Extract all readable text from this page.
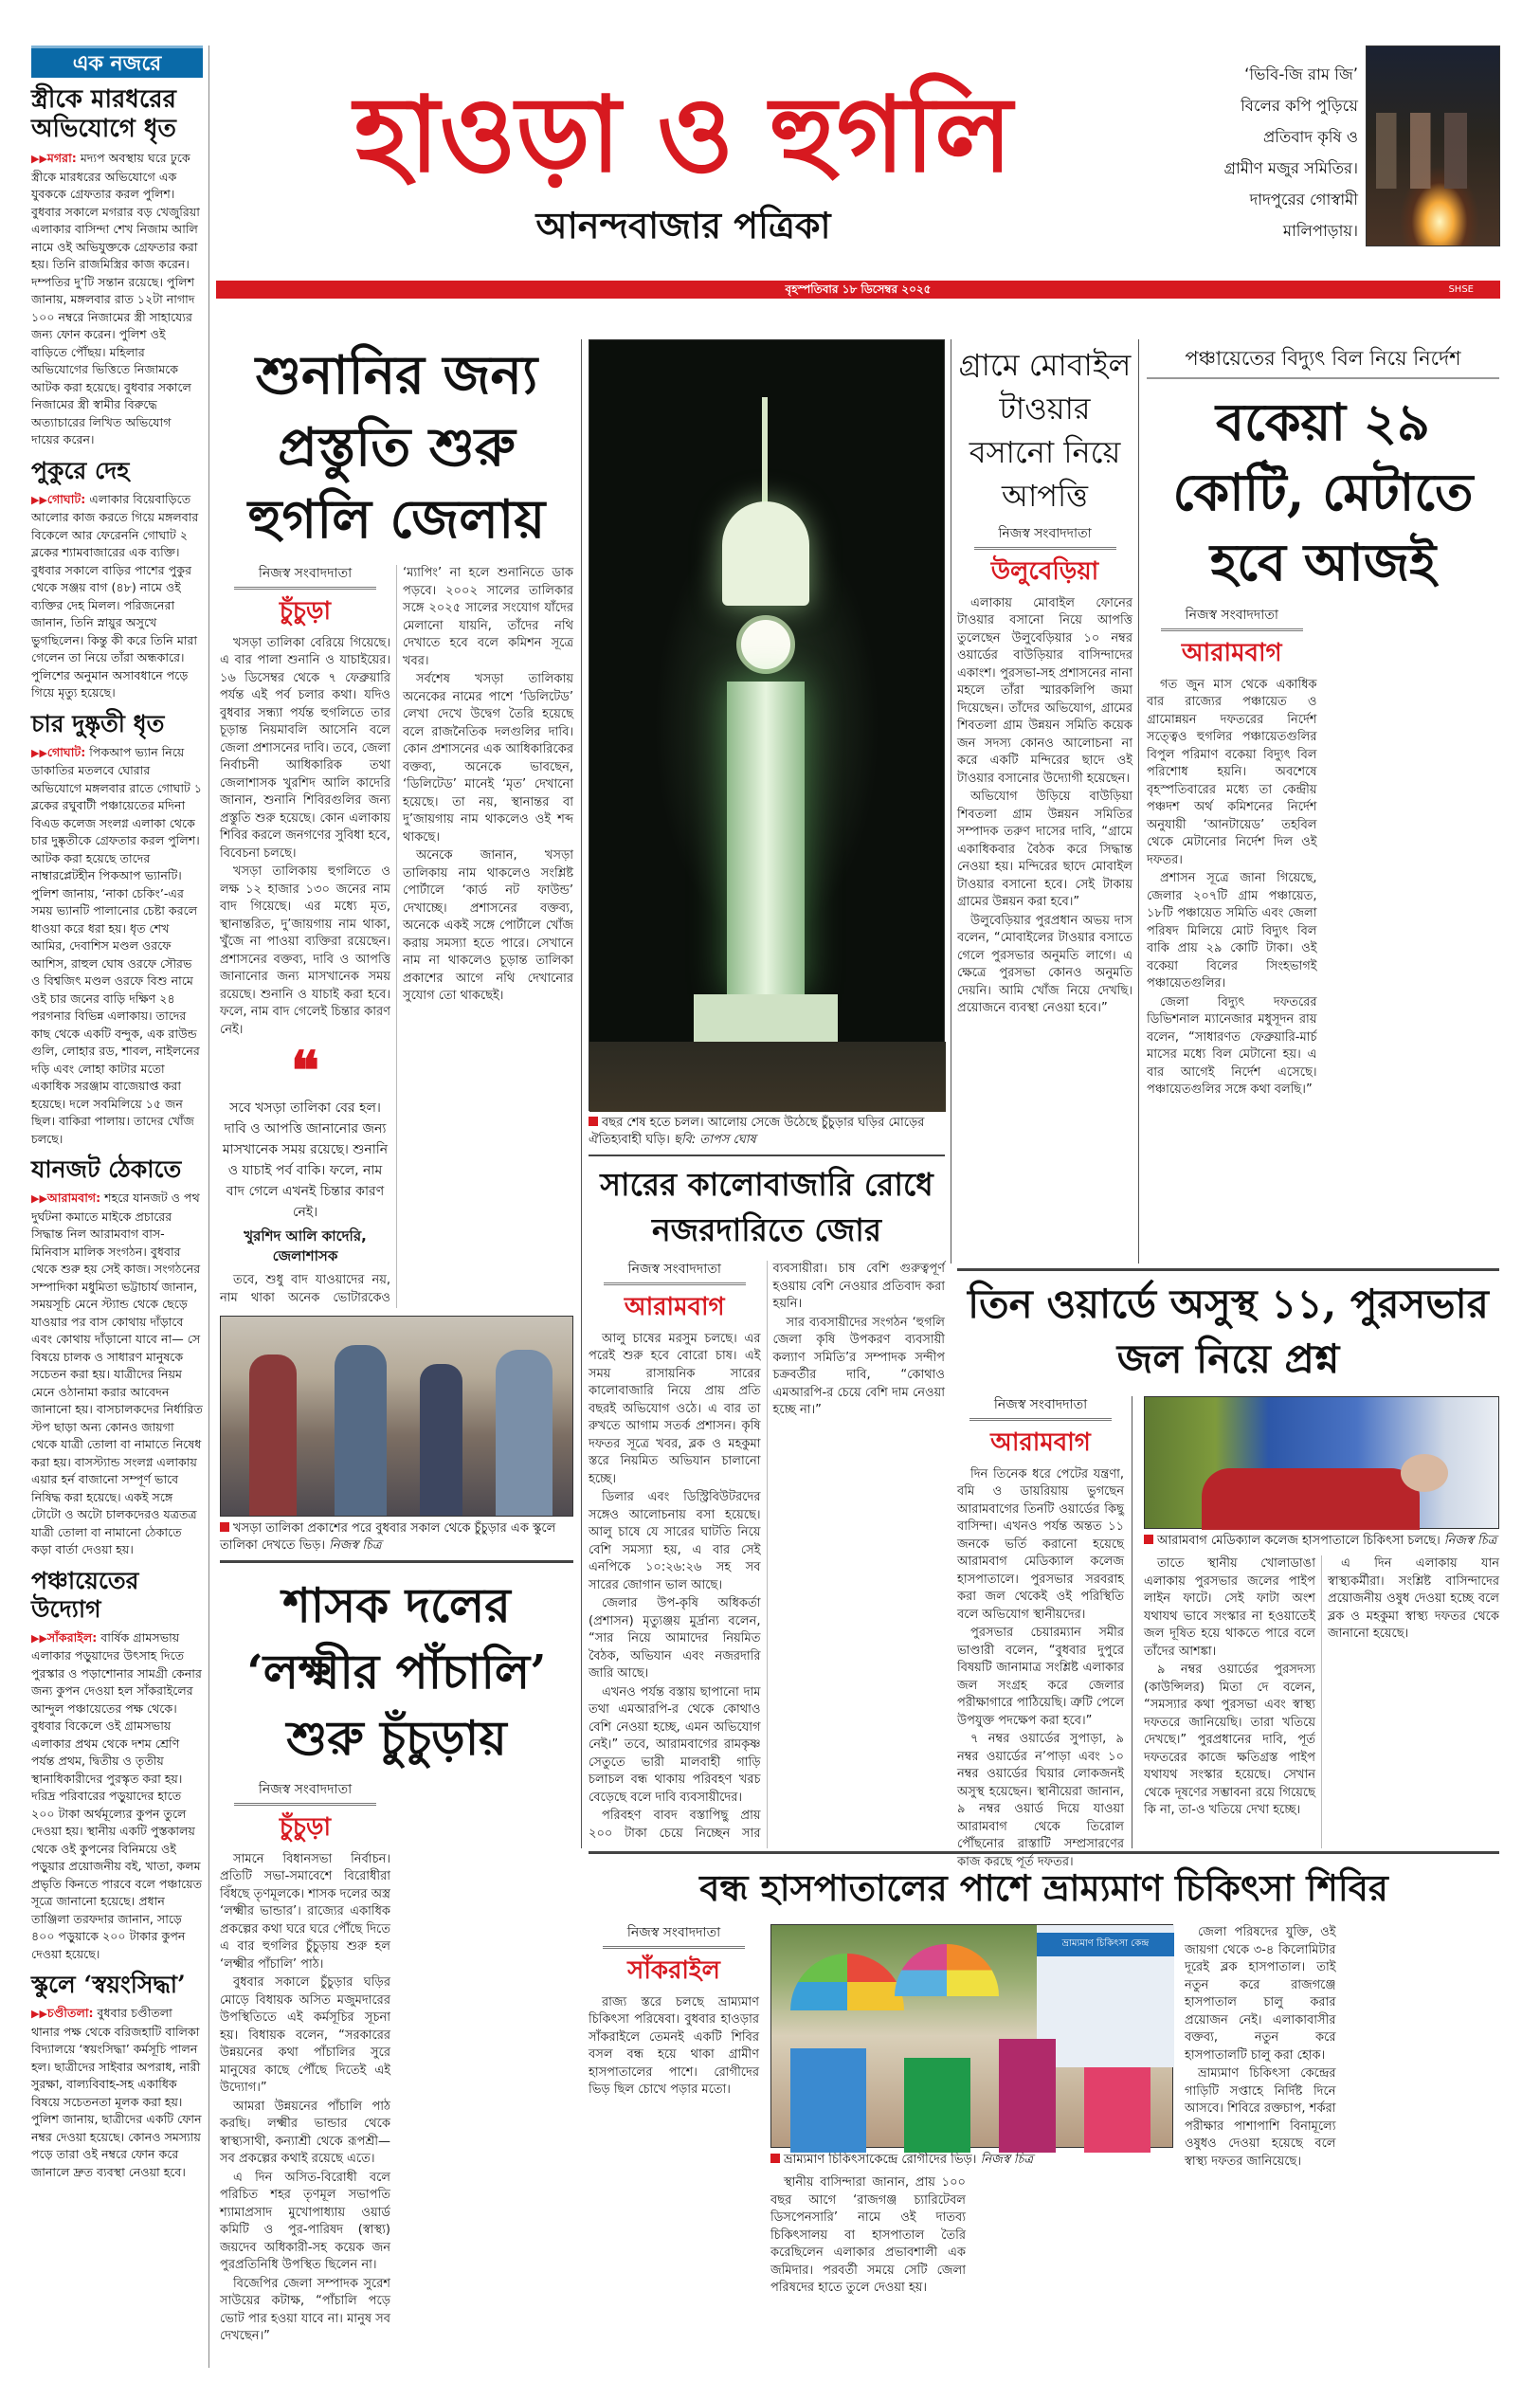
এক নজরে
স্ত্রীকে মারধরের অভিযোগে ধৃত
▶▶মগরা: মদ্যপ অবস্থায় ঘরে ঢুকে স্ত্রীকে মারধরের অভিযোগে এক যুবককে গ্রেফতার করল পুলিশ। বুধবার সকালে মগরার বড় খেজুরিয়া এলাকার বাসিন্দা শেখ নিজাম আলি নামে ওই অভিযুক্তকে গ্রেফতার করা হয়। তিনি রাজমিস্ত্রির কাজ করেন। দম্পতির দু’টি সন্তান রয়েছে। পুলিশ জানায়, মঙ্গলবার রাত ১২টা নাগাদ ১০০ নম্বরে নিজামের স্ত্রী সাহায্যের জন্য ফোন করেন। পুলিশ ওই বাড়িতে পৌঁছয়। মহিলার অভিযোগের ভিত্তিতে নিজামকে আটক করা হয়েছে। বুধবার সকালে নিজামের স্ত্রী স্বামীর বিরুদ্ধে অত্যাচারের লিখিত অভিযোগ দায়ের করেন।
পুকুরে দেহ
▶▶গোঘাট: এলাকার বিয়েবাড়িতে আলোর কাজ করতে গিয়ে মঙ্গলবার বিকেলে আর ফেরেননি গোঘাট ২ ব্লকের শ্যামবাজারের এক ব্যক্তি। বুধবার সকালে বাড়ির পাশের পুকুর থেকে সঞ্জয় বাগ (৪৮) নামে ওই ব্যক্তির দেহ মিলল। পরিজনেরা জানান, তিনি স্নায়ুর অসুখে ভুগছিলেন। কিন্তু কী করে তিনি মারা গেলেন তা নিয়ে তাঁরা অন্ধকারে। পুলিশের অনুমান অসাবধানে পড়ে গিয়ে মৃত্যু হয়েছে।
চার দুষ্কৃতী ধৃত
▶▶গোঘাট: পিকআপ ভ্যান নিয়ে ডাকাতির মতলবে ঘোরার অভিযোগে মঙ্গলবার রাতে গোঘাট ১ ব্লকের রঘুবাটী পঞ্চায়েতের মদিনা বিএড কলেজ সংলগ্ন এলাকা থেকে চার দুষ্কৃতীকে গ্রেফতার করল পুলিশ। আটক করা হয়েছে তাদের নাম্বারপ্লেটহীন পিকআপ ভ্যানটি। পুলিশ জানায়, ‘নাকা চেকিং’-এর সময় ভ্যানটি পালানোর চেষ্টা করলে ধাওয়া করে ধরা হয়। ধৃত শেখ আমির, দেবাশিস মণ্ডল ওরফে আশিস, রাহুল ঘোষ ওরফে সৌরভ ও বিশ্বজিৎ মণ্ডল ওরফে বিশু নামে ওই চার জনের বাড়ি দক্ষিণ ২৪ পরগনার বিভিন্ন এলাকায়। তাদের কাছ থেকে একটি বন্দুক, এক রাউন্ড গুলি, লোহার রড, শাবল, নাইলনের দড়ি এবং লোহা কাটার মতো একাধিক সরঞ্জাম বাজেয়াপ্ত করা হয়েছে। দলে সবমিলিয়ে ১৫ জন ছিল। বাকিরা পালায়। তাদের খোঁজ চলছে।
যানজট ঠেকাতে
▶▶আরামবাগ: শহরে যানজট ও পথ দুর্ঘটনা কমাতে মাইকে প্রচারের সিদ্ধান্ত নিল আরামবাগ বাস-মিনিবাস মালিক সংগঠন। বুধবার থেকে শুরু হয় সেই কাজ। সংগঠনের সম্পাদিকা মধুমিতা ভট্টাচার্য জানান, সময়সূচি মেনে স্ট্যান্ড থেকে ছেড়ে যাওয়ার পর বাস কোথায় দাঁড়াবে এবং কোথায় দাঁড়ানো যাবে না— সে বিষয়ে চালক ও সাধারণ মানুষকে সচেতন করা হয়। যাত্রীদের নিয়ম মেনে ওঠানামা করার আবেদন জানানো হয়। বাসচালকদের নির্ধারিত স্টপ ছাড়া অন্য কোনও জায়গা থেকে যাত্রী তোলা বা নামাতে নিষেধ করা হয়। বাসস্ট্যান্ড সংলগ্ন এলাকায় এয়ার হর্ন বাজানো সম্পূর্ণ ভাবে নিষিদ্ধ করা হয়েছে। একই সঙ্গে টোটো ও অটো চালকদেরও যত্রতত্র যাত্রী তোলা বা নামানো ঠেকাতে কড়া বার্তা দেওয়া হয়।
পঞ্চায়েতের উদ্যোগ
▶▶সাঁকরাইল: বার্ষিক গ্রামসভায় এলাকার পড়ুয়াদের উৎসাহ দিতে পুরস্কার ও পড়াশোনার সামগ্রী কেনার জন্য কুপন দেওয়া হল সাঁকরাইলের আন্দুল পঞ্চায়েতের পক্ষ থেকে। বুধবার বিকেলে ওই গ্রামসভায় এলাকার প্রথম থেকে দশম শ্রেণি পর্যন্ত প্রথম, দ্বিতীয় ও তৃতীয় স্থানাধিকারীদের পুরস্কৃত করা হয়। দরিদ্র পরিবারের পড়ুয়াদের হাতে ২০০ টাকা অর্থমূল্যের কুপন তুলে দেওয়া হয়। স্থানীয় একটি পুস্তকালয় থেকে ওই কুপনের বিনিময়ে ওই পড়ুয়ার প্রয়োজনীয় বই, খাতা, কলম প্রভৃতি কিনতে পারবে বলে পঞ্চায়েত সূত্রে জানানো হয়েছে। প্রধান তাঞ্জিলা তরফদার জানান, সাড়ে ৪০০ পড়ুয়াকে ২০০ টাকার কুপন দেওয়া হয়েছে।
স্কুলে ‘স্বয়ংসিদ্ধা’
▶▶চণ্ডীতলা: বুধবার চণ্ডীতলা থানার পক্ষ থেকে বরিজহাটি বালিকা বিদ্যালয়ে ‘স্বয়ংসিদ্ধা’ কর্মসূচি পালন হল। ছাত্রীদের সাইবার অপরাধ, নারী সুরক্ষা, বাল্যবিবাহ-সহ একাধিক বিষয়ে সচেতনতা মূলক করা হয়। পুলিশ জানায়, ছাত্রীদের একটি ফোন নম্বর দেওয়া হয়েছে। কোনও সমস্যায় পড়ে তারা ওই নম্বরে ফোন করে জানালে দ্রুত ব্যবস্থা নেওয়া হবে।
হাওড়া ও হুগলি
আনন্দবাজার পত্রিকা
‘ভিবি-জি রাম জি’
বিলের কপি পুড়িয়ে
প্রতিবাদ কৃষি ও
গ্রামীণ মজুর সমিতির।
দাদপুরের গোস্বামী
মালিপাড়ায়।
বৃহস্পতিবার ১৮ ডিসেম্বর ২০২৫	SHSE
শুনানির জন্য প্রস্তুতি শুরু হুগলি জেলায়
নিজস্ব সংবাদদাতা
চুঁচুড়া

খসড়া তালিকা বেরিয়ে গিয়েছে। এ বার পালা শুনানি ও যাচাইয়ের। ১৬ ডিসেম্বর থেকে ৭ ফেব্রুয়ারি পর্যন্ত এই পর্ব চলার কথা। যদিও বুধবার সন্ধ্যা পর্যন্ত হুগলিতে তার চূড়ান্ত নিয়মাবলি আসেনি বলে জেলা প্রশাসনের দাবি। তবে, জেলা নির্বাচনী আধিকারিক তথা জেলাশাসক খুরশিদ আলি কাদেরি জানান, শুনানি শিবিরগুলির জন্য প্রস্তুতি শুরু হয়েছে। কোন এলাকায় শিবির করলে জনগণের সুবিধা হবে, বিবেচনা চলছে।

খসড়া তালিকায় হুগলিতে ও লক্ষ ১২ হাজার ১৩০ জনের নাম বাদ গিয়েছে। এর মধ্যে মৃত, স্থানান্তরিত, দু’জায়গায় নাম থাকা, খুঁজে না পাওয়া ব্যক্তিরা রয়েছেন। প্রশাসনের বক্তব্য, দাবি ও আপত্তি জানানোর জন্য মাসখানেক সময় রয়েছে। শুনানি ও যাচাই করা হবে। ফলে, নাম বাদ গেলেই চিন্তার কারণ নেই।

❝
সবে খসড়া তালিকা বের হল। দাবি ও আপত্তি জানানোর জন্য মাসখানেক সময় রয়েছে। শুনানি ও যাচাই পর্ব বাকি। ফলে, নাম বাদ গেলে এখনই চিন্তার কারণ নেই।
খুরশিদ আলি কাদেরি, জেলাশাসক

তবে, শুধু বাদ যাওয়াদের নয়, নাম থাকা অনেক ভোটারকেও ‘ম্যাপিং’ না হলে শুনানিতে ডাক পড়বে। ২০০২ সালের তালিকার সঙ্গে ২০২৫ সালের সংযোগ যাঁদের মেলানো যায়নি, তাঁদের নথি দেখাতে হবে বলে কমিশন সূত্রে খবর।

সর্বশেষ খসড়া তালিকায় অনেকের নামের পাশে ‘ডিলিটেড’ লেখা দেখে উদ্বেগ তৈরি হয়েছে বলে রাজনৈতিক দলগুলির দাবি। কোন প্রশাসনের এক আধিকারিকের বক্তব্য, অনেকে ভাবছেন, ‘ডিলিটেড’ মানেই ‘মৃত’ দেখানো হয়েছে। তা নয়, স্থানান্তর বা দু’জায়গায় নাম থাকলেও ওই শব্দ থাকছে।

অনেকে জানান, খসড়া তালিকায় নাম থাকলেও সংশ্লিষ্ট পোর্টালে ‘কার্ড নট ফাউন্ড’ দেখাচ্ছে। প্রশাসনের বক্তব্য, অনেকে একই সঙ্গে পোর্টালে খোঁজ করায় সমস্যা হতে পারে। সেখানে নাম না থাকলেও চূড়ান্ত তালিকা প্রকাশের আগে নথি দেখানোর সুযোগ তো থাকছেই।

খসড়া তালিকা প্রকাশের পরে বুধবার সকাল থেকে চুঁচুড়ার এক স্কুলে তালিকা দেখতে ভিড়। নিজস্ব চিত্র
শাসক দলের ‘লক্ষ্মীর পাঁচালি’ শুরু চুঁচুড়ায়
নিজস্ব সংবাদদাতা
চুঁচুড়া

সামনে বিধানসভা নির্বাচন। প্রতিটি সভা-সমাবেশে বিরোধীরা বিঁধছে তৃণমূলকে। শাসক দলের অস্ত্র ‘লক্ষ্মীর ভান্ডার’। রাজ্যের একাধিক প্রকল্পের কথা ঘরে ঘরে পৌঁছে দিতে এ বার হুগলির চুঁচুড়ায় শুরু হল ‘লক্ষ্মীর পাঁচালি’ পাঠ।

বুধবার সকালে চুঁচুড়ার ঘড়ির মোড়ে বিধায়ক অসিত মজুমদারের উপস্থিতিতে এই কর্মসূচির সূচনা হয়। বিধায়ক বলেন, “সরকারের উন্নয়নের কথা পাঁচালির সুরে মানুষের কাছে পৌঁছে দিতেই এই উদ্যোগ।”

আমরা উন্নয়নের পাঁচালি পাঠ করছি। লক্ষ্মীর ভান্ডার থেকে স্বাস্থ্যসাথী, কন্যাশ্রী থেকে রূপশ্রী— সব প্রকল্পের কথাই রয়েছে এতে।

এ দিন অসিত-বিরোধী বলে পরিচিত শহর তৃণমূল সভাপতি শ্যামাপ্রসাদ মুখোপাধ্যায় ওয়ার্ড কমিটি ও পুর-পারিষদ (স্বাস্থ্য) জয়দেব অধিকারী-সহ কয়েক জন পুরপ্রতিনিধি উপস্থিত ছিলেন না।

বিজেপির জেলা সম্পাদক সুরেশ সাউয়ের কটাক্ষ, “পাঁচালি পড়ে ভোট পার হওয়া যাবে না। মানুষ সব দেখছেন।”

বছর শেষ হতে চলল। আলোয় সেজে উঠেছে চুঁচুড়ার ঘড়ির মোড়ের ঐতিহ্যবাহী ঘড়ি। ছবি: তাপস ঘোষ
সারের কালোবাজারি রোধে নজরদারিতে জোর
নিজস্ব সংবাদদাতা
আরামবাগ

আলু চাষের মরসুম চলছে। এর পরেই শুরু হবে বোরো চাষ। এই সময় রাসায়নিক সারের কালোবাজারি নিয়ে প্রায় প্রতি বছরই অভিযোগ ওঠে। এ বার তা রুখতে আগাম সতর্ক প্রশাসন। কৃষি দফতর সূত্রে খবর, ব্লক ও মহকুমা স্তরে নিয়মিত অভিযান চালানো হচ্ছে।

ডিলার এবং ডিস্ট্রিবিউটরদের সঙ্গেও আলোচনায় বসা হয়েছে। আলু চাষে যে সারের ঘাটতি নিয়ে বেশি সমস্যা হয়, এ বার সেই এনপিকে ১০:২৬:২৬ সহ সব সারের জোগান ভাল আছে।

জেলার উপ-কৃষি অধিকর্তা (প্রশাসন) মৃত্যুঞ্জয় মুর্দ্রান্য বলেন, “সার নিয়ে আমাদের নিয়মিত বৈঠক, অভিযান এবং নজরদারি জারি আছে।

এখনও পর্যন্ত বস্তায় ছাপানো দাম তথা এমআরপি-র থেকে কোথাও বেশি নেওয়া হচ্ছে, এমন অভিযোগ নেই।” তবে, আরামবাগের রামকৃষ্ণ সেতুতে ভারী মালবাহী গাড়ি চলাচল বন্ধ থাকায় পরিবহণ খরচ বেড়েছে বলে দাবি ব্যবসায়ীদের।

পরিবহণ বাবদ বস্তাপিছু প্রায় ২০০ টাকা চেয়ে নিচ্ছেন সার ব্যবসায়ীরা। চাষ বেশি গুরুত্বপূর্ণ হওয়ায় বেশি নেওয়ার প্রতিবাদ করা হয়নি।

সার ব্যবসায়ীদের সংগঠন ‘হুগলি জেলা কৃষি উপকরণ ব্যবসায়ী কল্যাণ সমিতি’র সম্পাদক সন্দীপ চক্রবর্তীর দাবি, “কোথাও এমআরপি-র চেয়ে বেশি দাম নেওয়া হচ্ছে না।”

গ্রামে মোবাইল টাওয়ার বসানো নিয়ে আপত্তি
নিজস্ব সংবাদদাতা
উলুবেড়িয়া

এলাকায় মোবাইল ফোনের টাওয়ার বসানো নিয়ে আপত্তি তুলেছেন উলুবেড়িয়ার ১০ নম্বর ওয়ার্ডের বাউড়িয়ার বাসিন্দাদের একাংশ। পুরসভা-সহ প্রশাসনের নানা মহলে তাঁরা স্মারকলিপি জমা দিয়েছেন। তাঁদের অভিযোগ, গ্রামের শিবতলা গ্রাম উন্নয়ন সমিতি কয়েক জন সদস্য কোনও আলোচনা না করে একটি মন্দিরের ছাদে ওই টাওয়ার বসানোর উদ্যোগী হয়েছেন।

অভিযোগ উড়িয়ে বাউড়িয়া শিবতলা গ্রাম উন্নয়ন সমিতির সম্পাদক তরুণ দাসের দাবি, “গ্রামে একাধিকবার বৈঠক করে সিদ্ধান্ত নেওয়া হয়। মন্দিরের ছাদে মোবাইল টাওয়ার বসানো হবে। সেই টাকায় গ্রামের উন্নয়ন করা হবে।”

উলুবেড়িয়ার পুরপ্রধান অভয় দাস বলেন, “মোবাইলের টাওয়ার বসাতে গেলে পুরসভার অনুমতি লাগে। এ ক্ষেত্রে পুরসভা কোনও অনুমতি দেয়নি। আমি খোঁজ নিয়ে দেখছি। প্রয়োজনে ব্যবস্থা নেওয়া হবে।”

পঞ্চায়েতের বিদ্যুৎ বিল নিয়ে নির্দেশ
বকেয়া ২৯ কোটি, মেটাতে হবে আজই
নিজস্ব সংবাদদাতা
আরামবাগ

গত জুন মাস থেকে একাধিক বার রাজ্যের পঞ্চায়েত ও গ্রামোন্নয়ন দফতরের নির্দেশ সত্ত্বেও হুগলির পঞ্চায়েতগুলির বিপুল পরিমাণ বকেয়া বিদ্যুৎ বিল পরিশোধ হয়নি। অবশেষে বৃহস্পতিবারের মধ্যে তা কেন্দ্রীয় পঞ্চদশ অর্থ কমিশনের নির্দেশ অনুযায়ী ‘আনটায়েড’ তহবিল থেকে মেটানোর নির্দেশ দিল ওই দফতর।

প্রশাসন সূত্রে জানা গিয়েছে, জেলার ২০৭টি গ্রাম পঞ্চায়েত, ১৮টি পঞ্চায়েত সমিতি এবং জেলা পরিষদ মিলিয়ে মোট বিদ্যুৎ বিল বাকি প্রায় ২৯ কোটি টাকা। ওই বকেয়া বিলের সিংহভাগই পঞ্চায়েতগুলির।

জেলা বিদ্যুৎ দফতরের ডিভিশনাল ম্যানেজার মধুসূদন রায় বলেন, “সাধারণত ফেব্রুয়ারি-মার্চ মাসের মধ্যে বিল মেটানো হয়। এ বার আগেই নির্দেশ এসেছে। পঞ্চায়েতগুলির সঙ্গে কথা বলছি।”

তিন ওয়ার্ডে অসুস্থ ১১, পুরসভার জল নিয়ে প্রশ্ন
নিজস্ব সংবাদদাতা
আরামবাগ

দিন তিনেক ধরে পেটের যন্ত্রণা, বমি ও ডায়রিয়ায় ভুগছেন আরামবাগের তিনটি ওয়ার্ডের কিছু বাসিন্দা। এখনও পর্যন্ত অন্তত ১১ জনকে ভর্তি করানো হয়েছে আরামবাগ মেডিক্যাল কলেজ হাসপাতালে। পুরসভার সরবরাহ করা জল থেকেই ওই পরিস্থিতি বলে অভিযোগ স্থানীয়দের।

পুরসভার চেয়ারম্যান সমীর ভাণ্ডারী বলেন, “বুধবার দুপুরে বিষয়টি জানামাত্র সংশ্লিষ্ট এলাকার জল সংগ্রহ করে জেলার পরীক্ষাগারে পাঠিয়েছি। ত্রুটি পেলে উপযুক্ত পদক্ষেপ করা হবে।”

৭ নম্বর ওয়ার্ডের সুপাড়া, ৯ নম্বর ওয়ার্ডের ন’পাড়া এবং ১০ নম্বর ওয়ার্ডের ঘিয়ার লোকজনই অসুস্থ হয়েছেন। স্থানীয়েরা জানান, ৯ নম্বর ওয়ার্ড দিয়ে যাওয়া আরামবাগ থেকে তিরোল পৌঁছনোর রাস্তাটি সম্প্রসারণের কাজ করছে পূর্ত দফতর।

আরামবাগ মেডিক্যাল কলেজ হাসপাতালে চিকিৎসা চলছে। নিজস্ব চিত্র

তাতে স্থানীয় খোলাডাঙা এলাকায় পুরসভার জলের পাইপ লাইন ফাটে। সেই ফাটা অংশ যথাযথ ভাবে সংস্কার না হওয়াতেই জল দূষিত হয়ে থাকতে পারে বলে তাঁদের আশঙ্কা।

৯ নম্বর ওয়ার্ডের পুরসদস্য (কাউন্সিলর) মিতা দে বলেন, “সমস্যার কথা পুরসভা এবং স্বাস্থ্য দফতরে জানিয়েছি। তারা খতিয়ে দেখছে।” পুরপ্রধানের দাবি, পূর্ত দফতরের কাজে ক্ষতিগ্রস্ত পাইপ যথাযথ সংস্কার হয়েছে। সেখান থেকে দূষণের সম্ভাবনা রয়ে গিয়েছে কি না, তা-ও খতিয়ে দেখা হচ্ছে।

এ দিন এলাকায় যান স্বাস্থ্যকর্মীরা। সংশ্লিষ্ট বাসিন্দাদের প্রয়োজনীয় ওষুধ দেওয়া হচ্ছে বলে ব্লক ও মহকুমা স্বাস্থ্য দফতর থেকে জানানো হয়েছে।

বন্ধ হাসপাতালের পাশে ভ্রাম্যমাণ চিকিৎসা শিবির
নিজস্ব সংবাদদাতা
সাঁকরাইল

রাজ্য স্তরে চলছে ভ্রাম্যমাণ চিকিৎসা পরিষেবা। বুধবার হাওড়ার সাঁকরাইলে তেমনই একটি শিবির বসল বন্ধ হয়ে থাকা গ্রামীণ হাসপাতালের পাশে। রোগীদের ভিড় ছিল চোখে পড়ার মতো।

ভ্রাম্যমাণ চিকিৎসা কেন্দ্র
ভ্রাম্যমাণ চিকিৎসাকেন্দ্রে রোগীদের ভিড়। নিজস্ব চিত্র

স্থানীয় বাসিন্দারা জানান, প্রায় ১০০ বছর আগে ‘রাজগঞ্জ চ্যারিটেবল ডিসপেনসারি’ নামে ওই দাতব্য চিকিৎসালয় বা হাসপাতাল তৈরি করেছিলেন এলাকার প্রভাবশালী এক জমিদার। পরবর্তী সময়ে সেটি জেলা পরিষদের হাতে তুলে দেওয়া হয়।

জেলা পরিষদের যুক্তি, ওই জায়গা থেকে ৩-৪ কিলোমিটার দূরেই ব্লক হাসপাতাল। তাই নতুন করে রাজগঞ্জে হাসপাতাল চালু করার প্রয়োজন নেই। এলাকাবাসীর বক্তব্য, নতুন করে হাসপাতালটি চালু করা হোক।

ভ্রাম্যমাণ চিকিৎসা কেন্দ্রের গাড়িটি সপ্তাহে নির্দিষ্ট দিনে আসবে। শিবিরে রক্তচাপ, শর্করা পরীক্ষার পাশাপাশি বিনামূল্যে ওষুধও দেওয়া হয়েছে বলে স্বাস্থ্য দফতর জানিয়েছে।
